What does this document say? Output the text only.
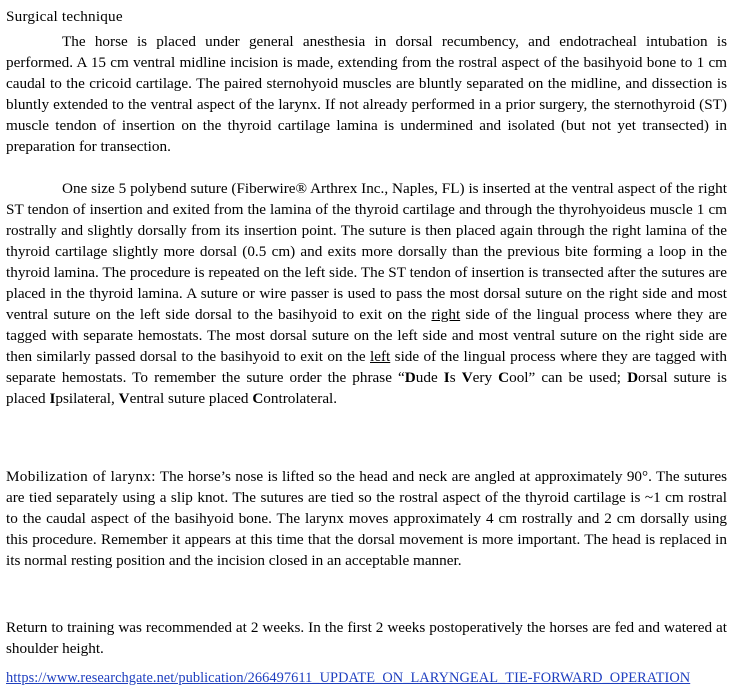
Surgical technique
The horse is placed under general anesthesia in dorsal recumbency, and endotracheal intubation is performed. A 15 cm ventral midline incision is made, extending from the rostral aspect of the basihyoid bone to 1 cm caudal to the cricoid cartilage. The paired sternohyoid muscles are bluntly separated on the midline, and dissection is bluntly extended to the ventral aspect of the larynx. If not already performed in a prior surgery, the sternothyroid (ST) muscle tendon of insertion on the thyroid cartilage lamina is undermined and isolated (but not yet transected) in preparation for transection.
One size 5 polybend suture (Fiberwire® Arthrex Inc., Naples, FL) is inserted at the ventral aspect of the right ST tendon of insertion and exited from the lamina of the thyroid cartilage and through the thyrohyoideus muscle 1 cm rostrally and slightly dorsally from its insertion point. The suture is then placed again through the right lamina of the thyroid cartilage slightly more dorsal (0.5 cm) and exits more dorsally than the previous bite forming a loop in the thyroid lamina. The procedure is repeated on the left side. The ST tendon of insertion is transected after the sutures are placed in the thyroid lamina. A suture or wire passer is used to pass the most dorsal suture on the right side and most ventral suture on the left side dorsal to the basihyoid to exit on the right side of the lingual process where they are tagged with separate hemostats. The most dorsal suture on the left side and most ventral suture on the right side are then similarly passed dorsal to the basihyoid to exit on the left side of the lingual process where they are tagged with separate hemostats. To remember the suture order the phrase “Dude Is Very Cool” can be used; Dorsal suture is placed Ipsilateral, Ventral suture placed Controlateral.
Mobilization of larynx: The horse’s nose is lifted so the head and neck are angled at approximately 90°. The sutures are tied separately using a slip knot. The sutures are tied so the rostral aspect of the thyroid cartilage is ~1 cm rostral to the caudal aspect of the basihyoid bone. The larynx moves approximately 4 cm rostrally and 2 cm dorsally using this procedure. Remember it appears at this time that the dorsal movement is more important. The head is replaced in its normal resting position and the incision closed in an acceptable manner.
Return to training was recommended at 2 weeks. In the first 2 weeks postoperatively the horses are fed and watered at shoulder height.
https://www.researchgate.net/publication/266497611_UPDATE_ON_LARYNGEAL_TIE-FORWARD_OPERATION
